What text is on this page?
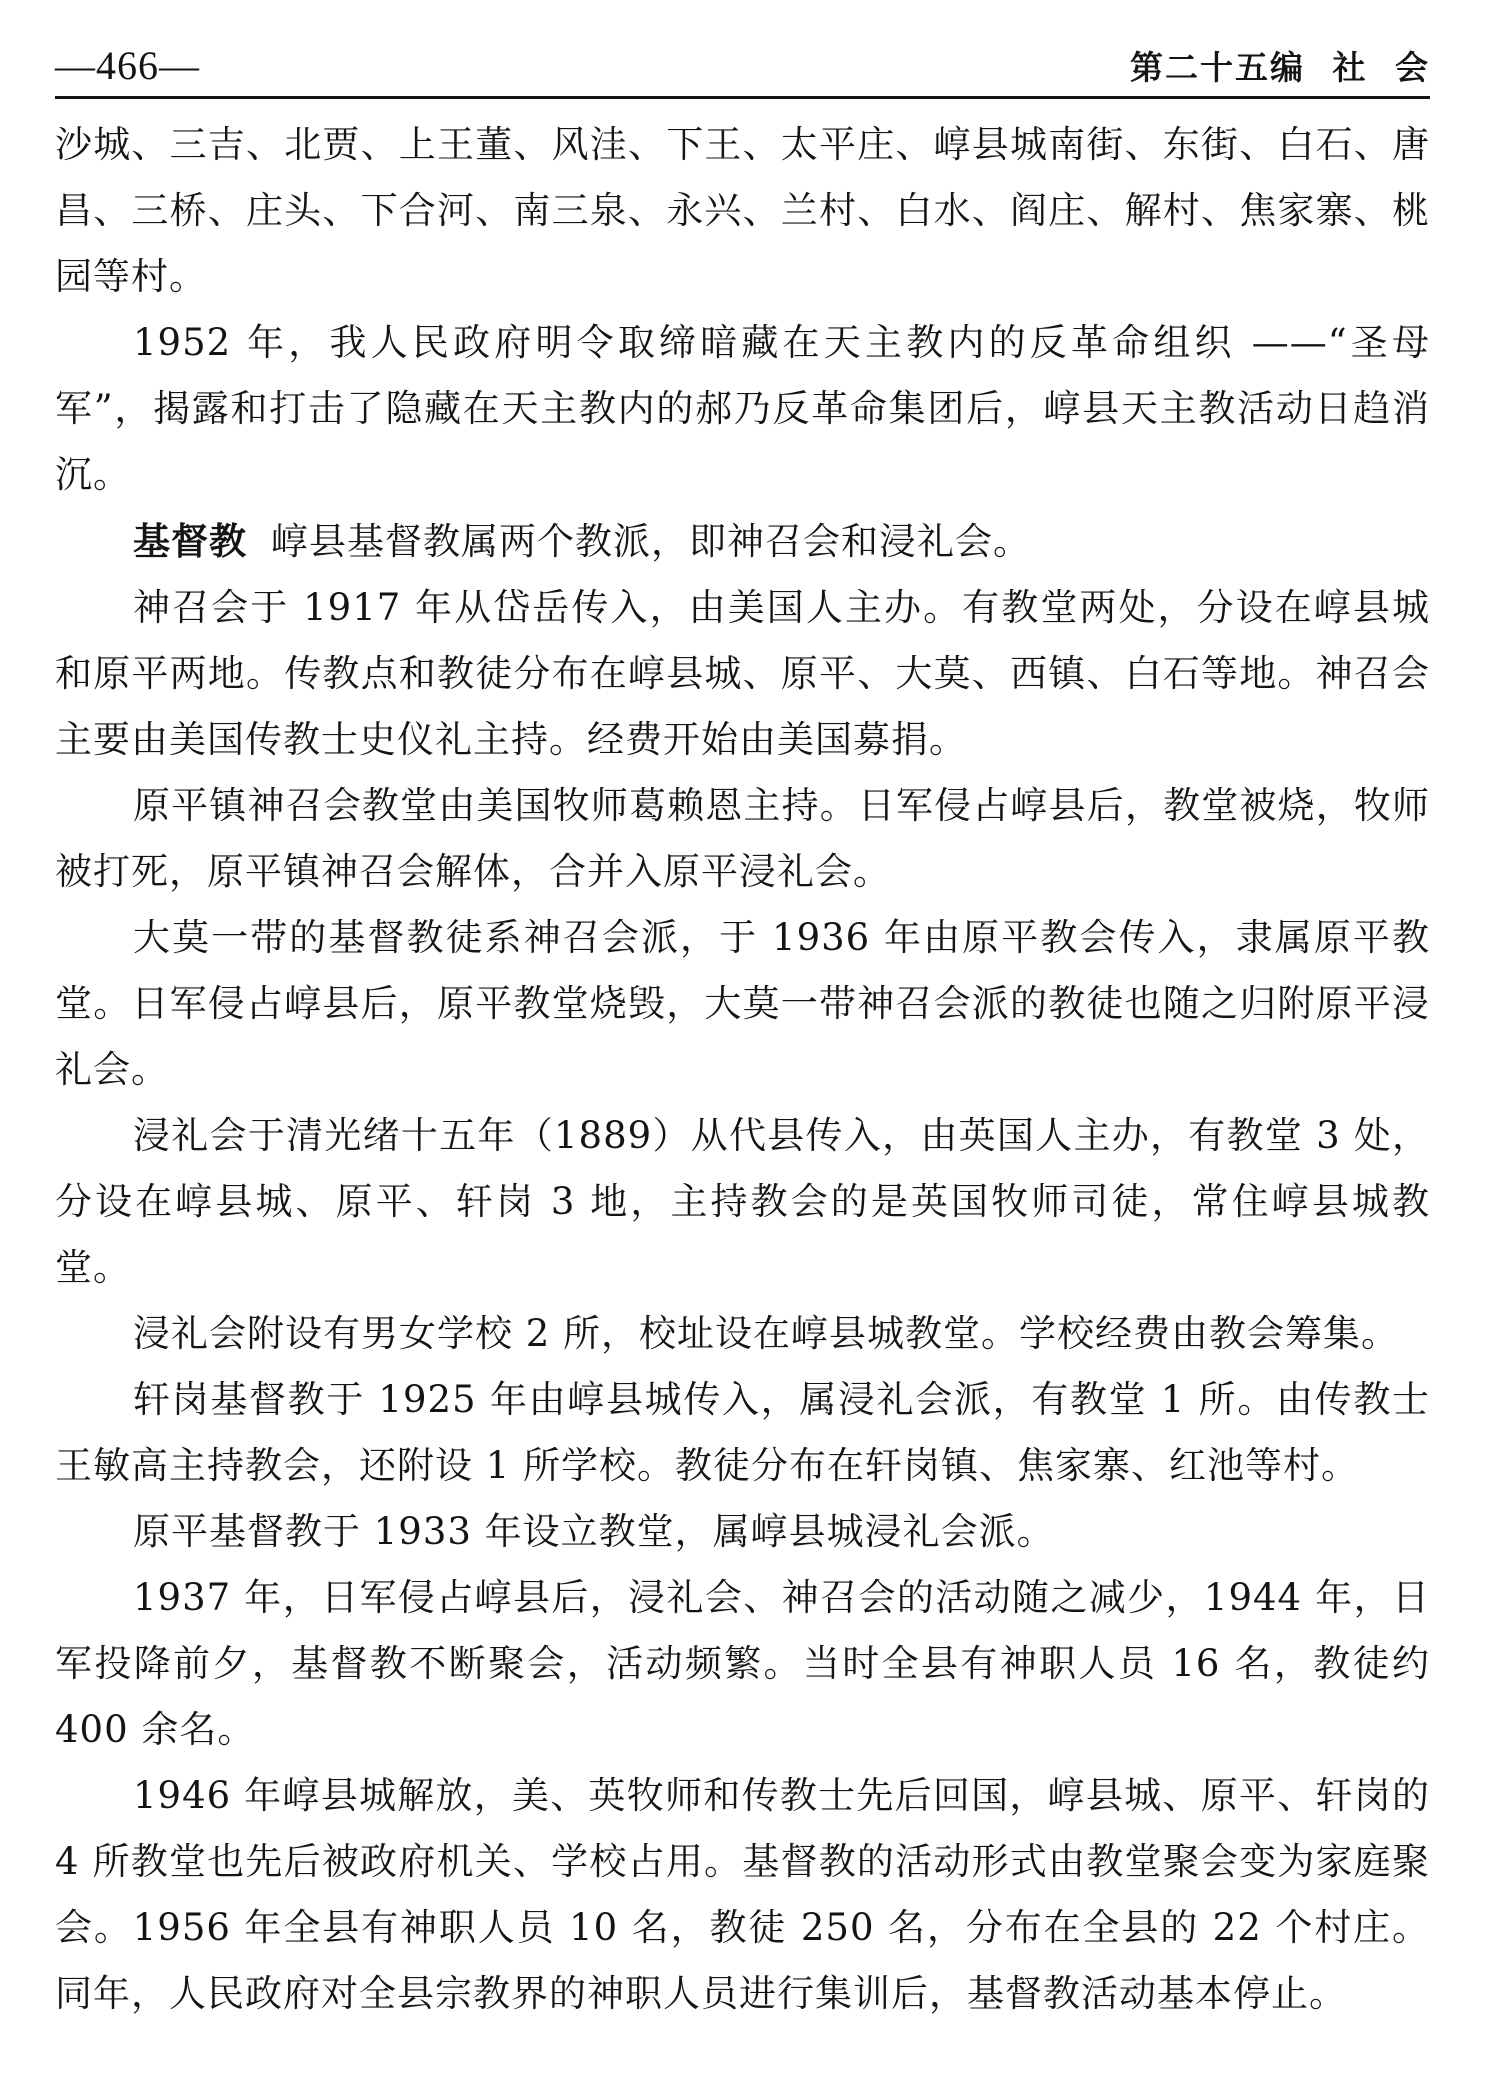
—466—	第二十五编 社 会

沙城、三吉、北贾、上王董、风洼、下王、太平庄、崞县城南街、东街、白石、唐昌、三桥、庄头、下合河、南三泉、永兴、兰村、白水、阎庄、解村、焦家寨、桃园等村。

1952 年，我人民政府明令取缔暗藏在天主教内的反革命组织 ——“圣母军”，揭露和打击了隐藏在天主教内的郝乃反革命集团后，崞县天主教活动日趋消沉。

基督教 崞县基督教属两个教派，即神召会和浸礼会。

神召会于 1917 年从岱岳传入，由美国人主办。有教堂两处，分设在崞县城和原平两地。传教点和教徒分布在崞县城、原平、大莫、西镇、白石等地。神召会主要由美国传教士史仪礼主持。经费开始由美国募捐。

原平镇神召会教堂由美国牧师葛赖恩主持。日军侵占崞县后，教堂被烧，牧师被打死，原平镇神召会解体，合并入原平浸礼会。

大莫一带的基督教徒系神召会派，于 1936 年由原平教会传入，隶属原平教堂。日军侵占崞县后，原平教堂烧毁，大莫一带神召会派的教徒也随之归附原平浸礼会。

浸礼会于清光绪十五年（1889）从代县传入，由英国人主办，有教堂 3 处，分设在崞县城、原平、轩岗 3 地，主持教会的是英国牧师司徒，常住崞县城教堂。

浸礼会附设有男女学校 2 所，校址设在崞县城教堂。学校经费由教会筹集。

轩岗基督教于 1925 年由崞县城传入，属浸礼会派，有教堂 1 所。由传教士王敏高主持教会，还附设 1 所学校。教徒分布在轩岗镇、焦家寨、红池等村。

原平基督教于 1933 年设立教堂，属崞县城浸礼会派。

1937 年，日军侵占崞县后，浸礼会、神召会的活动随之减少，1944 年，日军投降前夕，基督教不断聚会，活动频繁。当时全县有神职人员 16 名，教徒约 400 余名。

1946 年崞县城解放，美、英牧师和传教士先后回国，崞县城、原平、轩岗的 4 所教堂也先后被政府机关、学校占用。基督教的活动形式由教堂聚会变为家庭聚会。1956 年全县有神职人员 10 名，教徒 250 名，分布在全县的 22 个村庄。同年，人民政府对全县宗教界的神职人员进行集训后，基督教活动基本停止。
